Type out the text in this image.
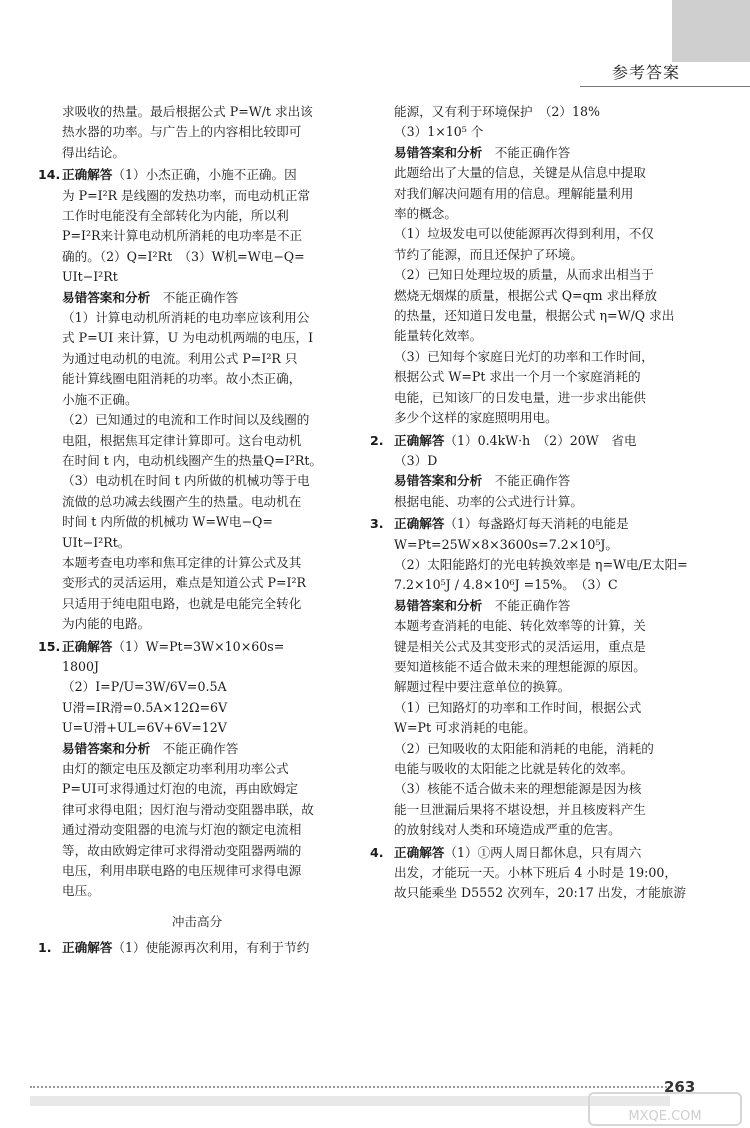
参考答案

求吸收的热量。最后根据公式 P=W/t 求出该

热水器的功率。与广告上的内容相比较即可

得出结论。

14. 正确解答（1）小杰正确，小施不正确。因

为 P=I²R 是线圈的发热功率，而电动机正常

工作时电能没有全部转化为内能，所以利

P=I²R来计算电动机所消耗的电功率是不正

确的。（2）Q=I²Rt　（3）W机=W电−Q=

UIt−I²Rt

易错答案和分析　不能正确作答

（1）计算电动机所消耗的电功率应该利用公

式 P=UI 来计算，U 为电动机两端的电压，I

为通过电动机的电流。利用公式 P=I²R 只

能计算线圈电阻消耗的功率。故小杰正确，

小施不正确。

（2）已知通过的电流和工作时间以及线圈的

电阻，根据焦耳定律计算即可。这台电动机

在时间 t 内，电动机线圈产生的热量Q=I²Rt。

（3）电动机在时间 t 内所做的机械功等于电

流做的总功减去线圈产生的热量。电动机在

时间 t 内所做的机械功 W=W电−Q=

UIt−I²Rt。

本题考查电功率和焦耳定律的计算公式及其

变形式的灵活运用，难点是知道公式 P=I²R

只适用于纯电阻电路，也就是电能完全转化

为内能的电路。

15. 正确解答（1）W=Pt=3W×10×60s=

1800J

（2）I=P/U=3W/6V=0.5A

U滑=IR滑=0.5A×12Ω=6V

U=U滑+UL=6V+6V=12V

易错答案和分析　不能正确作答

由灯的额定电压及额定功率利用功率公式

P=UI可求得通过灯泡的电流，再由欧姆定

律可求得电阻；因灯泡与滑动变阻器串联，故

通过滑动变阻器的电流与灯泡的额定电流相

等，故由欧姆定律可求得滑动变阻器两端的

电压，利用串联电路的电压规律可求得电源

电压。

冲击高分

1. 正确解答（1）使能源再次利用，有利于节约

能源，又有利于环境保护　（2）18%

（3）1×10⁵ 个

易错答案和分析　不能正确作答

此题给出了大量的信息，关键是从信息中提取

对我们解决问题有用的信息。理解能量利用

率的概念。

（1）垃圾发电可以使能源再次得到利用，不仅

节约了能源，而且还保护了环境。

（2）已知日处理垃圾的质量，从而求出相当于

燃烧无烟煤的质量，根据公式 Q=qm 求出释放

的热量，还知道日发电量，根据公式 η=W/Q 求出

能量转化效率。

（3）已知每个家庭日光灯的功率和工作时间，

根据公式 W=Pt 求出一个月一个家庭消耗的

电能，已知该厂的日发电量，进一步求出能供

多少个这样的家庭照明用电。

2. 正确解答（1）0.4kW·h　（2）20W　省电

（3）D

易错答案和分析　不能正确作答

根据电能、功率的公式进行计算。

3. 正确解答（1）每盏路灯每天消耗的电能是

W=Pt=25W×8×3600s=7.2×10⁵J。

（2）太阳能路灯的光电转换效率是 η=W电/E太阳=

7.2×10⁵J / 4.8×10⁶J =15%。　（3）C

易错答案和分析　不能正确作答

本题考查消耗的电能、转化效率等的计算，关

键是相关公式及其变形式的灵活运用，重点是

要知道核能不适合做未来的理想能源的原因。

解题过程中要注意单位的换算。

（1）已知路灯的功率和工作时间，根据公式

W=Pt 可求消耗的电能。

（2）已知吸收的太阳能和消耗的电能，消耗的

电能与吸收的太阳能之比就是转化的效率。

（3）核能不适合做未来的理想能源是因为核

能一旦泄漏后果将不堪设想，并且核废料产生

的放射线对人类和环境造成严重的危害。

4. 正确解答（1）①两人周日都休息，只有周六

出发，才能玩一天。小林下班后 4 小时是 19:00，

故只能乘坐 D5552 次列车，20:17 出发，才能旅游

263
MXQE.COM
